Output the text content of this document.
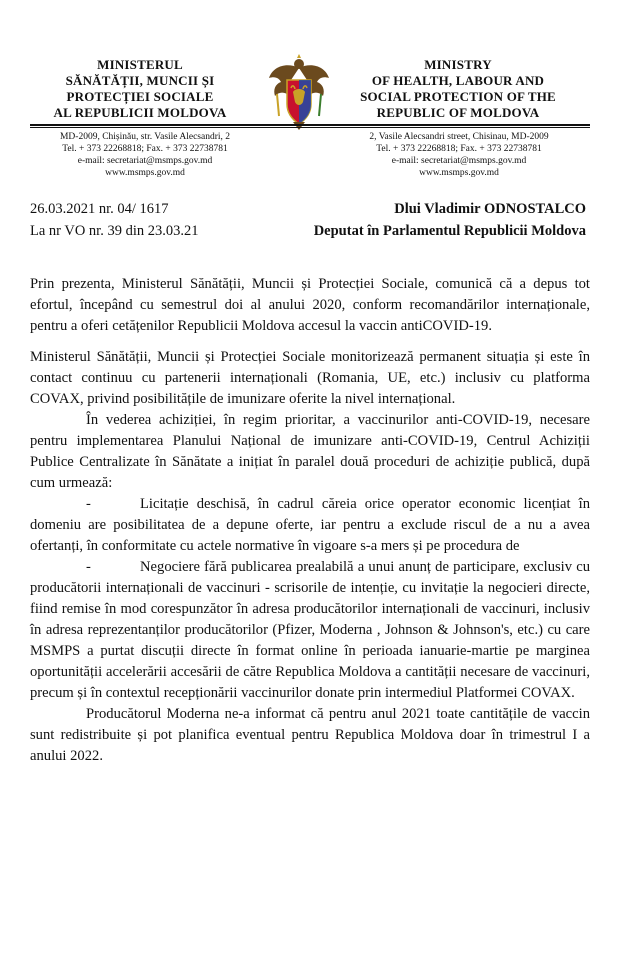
MINISTERUL
SĂNĂTĂȚII, MUNCII ȘI
PROTECȚIEI SOCIALE
AL REPUBLICII MOLDOVA
MINISTRY
OF HEALTH, LABOUR AND
SOCIAL PROTECTION OF THE
REPUBLIC OF MOLDOVA
MD-2009, Chișinău, str. Vasile Alecsandri, 2
Tel. + 373 22268818; Fax. + 373 22738781
e-mail: secretariat@msmps.gov.md
www.msmps.gov.md
2, Vasile Alecsandri street, Chisinau, MD-2009
Tel. + 373 22268818; Fax. + 373 22738781
e-mail: secretariat@msmps.gov.md
www.msmps.gov.md
26.03.2021 nr. 04/ 1617
La nr VO nr. 39 din 23.03.21
Dlui Vladimir ODNOSTALCO
Deputat în Parlamentul Republicii Moldova

Prin prezenta, Ministerul Sănătății, Muncii și Protecției Sociale, comunică că a depus tot efortul, începând cu semestrul doi al anului 2020, conform recomandărilor internaționale, pentru a oferi cetățenilor Republicii Moldova accesul la vaccin antiCOVID-19.

Ministerul Sănătății, Muncii și Protecției Sociale monitorizează permanent situația și este în contact continuu cu partenerii internaționali (Romania, UE, etc.) inclusiv cu platforma COVAX, privind posibilitățile de imunizare oferite la nivel internațional.

În vederea achiziției, în regim prioritar, a vaccinurilor anti-COVID-19, necesare pentru implementarea Planului Național de imunizare anti-COVID-19, Centrul Achiziții Publice Centralizate în Sănătate a inițiat în paralel două proceduri de achiziție publică, după cum urmează:

-	Licitație deschisă, în cadrul căreia orice operator economic licențiat în domeniu are posibilitatea de a depune oferte, iar pentru a exclude riscul de a nu a avea ofertanți, în conformitate cu actele normative în vigoare s-a mers și pe procedura de

-	Negociere fără publicarea prealabilă a unui anunț de participare, exclusiv cu producătorii internaționali de vaccinuri - scrisorile de intenție, cu invitație la negocieri directe, fiind remise în mod corespunzător în adresa producătorilor internaționali de vaccinuri, inclusiv în adresa reprezentanților producătorilor (Pfizer, Moderna , Johnson & Johnson's, etc.) cu care MSMPS a purtat discuții directe în format online în perioada ianuarie-martie pe marginea oportunității accelerării accesării de către Republica Moldova a cantității necesare de vaccinuri, precum și în contextul recepționării vaccinurilor donate prin intermediul Platformei COVAX.

Producătorul Moderna ne-a informat că pentru anul 2021 toate cantitățile de vaccin sunt redistribuite și pot planifica eventual pentru Republica Moldova doar în trimestrul I a anului 2022.
